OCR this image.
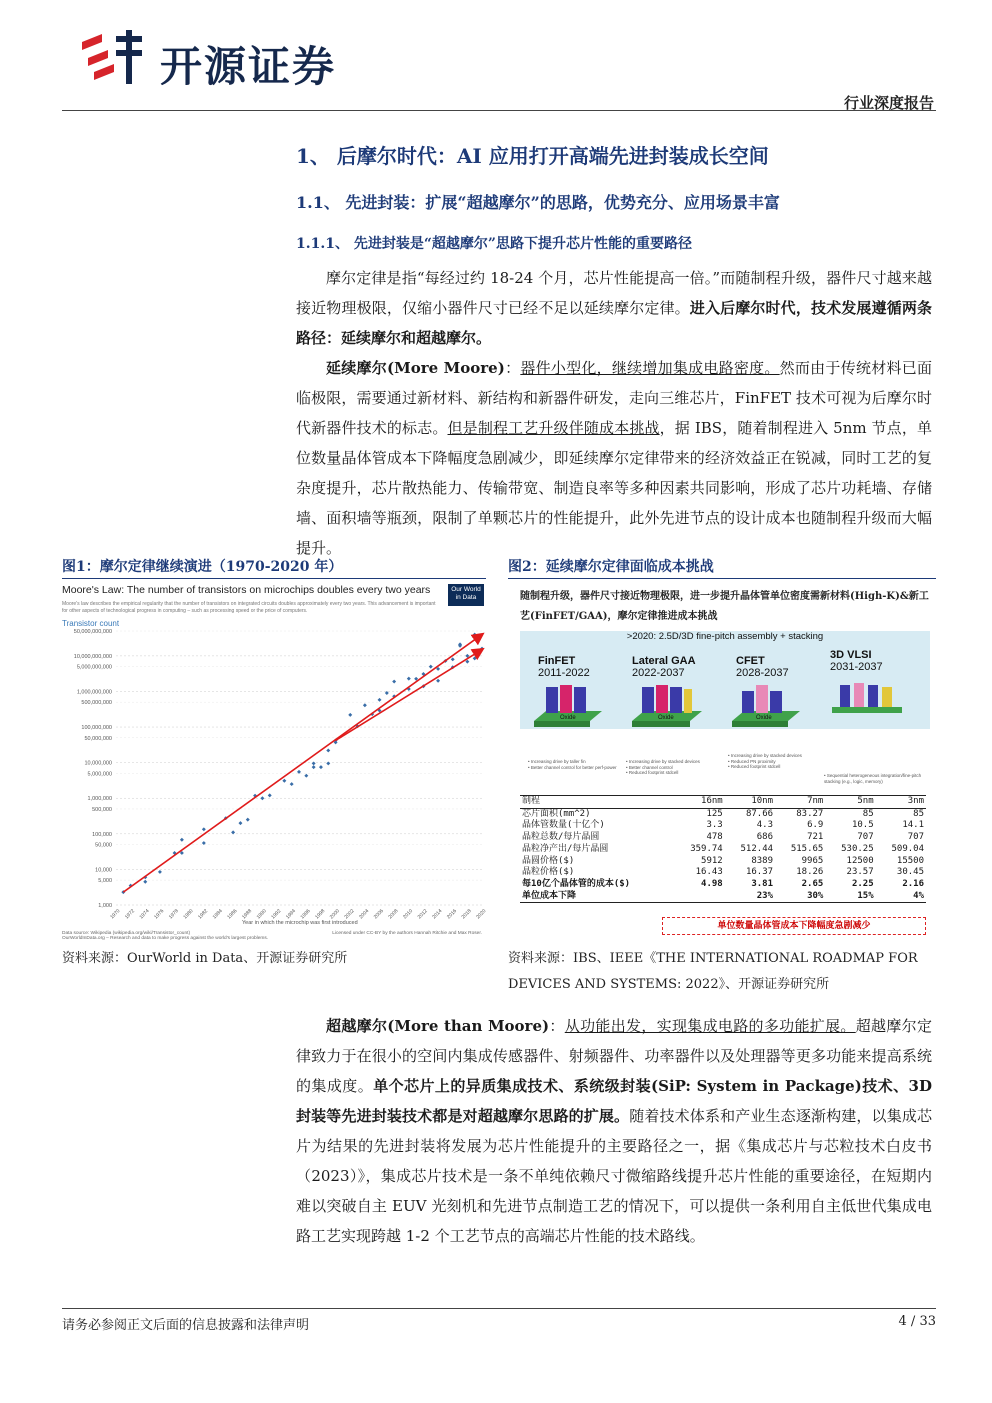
开源证券
行业深度报告
1、 后摩尔时代：AI 应用打开高端先进封装成长空间
1.1、 先进封装：扩展“超越摩尔”的思路，优势充分、应用场景丰富
1.1.1、 先进封装是“超越摩尔”思路下提升芯片性能的重要路径
摩尔定律是指“每经过约 18-24 个月，芯片性能提高一倍。”而随制程升级，器件尺寸越来越接近物理极限，仅缩小器件尺寸已经不足以延续摩尔定律。进入后摩尔时代，技术发展遵循两条路径：延续摩尔和超越摩尔。
延续摩尔(More Moore)：器件小型化，继续增加集成电路密度。然而由于传统材料已面临极限，需要通过新材料、新结构和新器件研发，走向三维芯片，FinFET 技术可视为后摩尔时代新器件技术的标志。但是制程工艺升级伴随成本挑战，据 IBS，随着制程进入 5nm 节点，单位数量晶体管成本下降幅度急剧减少，即延续摩尔定律带来的经济效益正在锐减，同时工艺的复杂度提升，芯片散热能力、传输带宽、制造良率等多种因素共同影响，形成了芯片功耗墙、存储墙、面积墙等瓶颈，限制了单颗芯片的性能提升，此外先进节点的设计成本也随制程升级而大幅提升。
图1：摩尔定律继续演进（1970-2020 年）	图2：延续摩尔定律面临成本挑战
Moore's Law: The number of transistors on microchips doubles every two years
Moore's law describes the empirical regularity that the number of transistors on integrated circuits doubles approximately every two years. This advancement is important for other aspects of technological progress in computing – such as processing speed or the price of computers.
Transistor count
Our World in Data
1,000
5,000
10,000
50,000
100,000
500,000
1,000,000
5,000,000
10,000,000
50,000,000
100,000,000
500,000,000
1,000,000,000
5,000,000,000
10,000,000,000
50,000,000,000
1970 1972 1974 1976 1978 1980 1982 1984 1986 1988 1990 1992 1994 1996 1998 2000 2002 2004 2006 2008 2010 2012 2014 2016 2018 2020
Year in which the microchip was first introduced
Data source: Wikipedia (wikipedia.org/wiki/Transistor_count)
OurWorldInData.org – Research and data to make progress against the world's largest problems.
Licensed under CC-BY by the authors Hannah Ritchie and Max Roser.
随制程升级，器件尺寸接近物理极限，进一步提升晶体管单位密度需新材料(High-K)&新工艺(FinFET/GAA)，摩尔定律推进成本挑战
>2020: 2.5D/3D fine-pitch assembly + stacking
FinFET
2011-2022
Lateral GAA
2022-2037
CFET
2028-2037
3D VLSI
2031-2037
Oxide	Oxide	Oxide
• Increasing drive by taller fin
• Better channel control for better perf-power
• Increasing drive by stacked devices
• Better channel control
• Reduced footprint stdcell
• Increasing drive by stacked devices
• Reduced PN proximity
• Reduced footprint stdcell
• Sequential heterogeneous integration/fine-pitch stacking (e.g., logic, memory)
制程	16nm	10nm	7nm	5nm	3nm
芯片面积(mm^2)	125	87.66	83.27	85	85
晶体管数量(十亿个)	3.3	4.3	6.9	10.5	14.1
晶粒总数/每片晶圆	478	686	721	707	707
晶粒净产出/每片晶圆	359.74	512.44	515.65	530.25	509.04
晶圆价格($)	5912	8389	9965	12500	15500
晶粒价格($)	16.43	16.37	18.26	23.57	30.45
每10亿个晶体管的成本($)	4.98	3.81	2.65	2.25	2.16
单位成本下降		23%	30%	15%	4%
单位数量晶体管成本下降幅度急剧减少
资料来源：OurWorld in Data、开源证券研究所	资料来源：IBS、IEEE《THE INTERNATIONAL ROADMAP FOR
DEVICES AND SYSTEMS: 2022》、开源证券研究所
超越摩尔(More than Moore)：从功能出发，实现集成电路的多功能扩展。超越摩尔定律致力于在很小的空间内集成传感器件、射频器件、功率器件以及处理器等更多功能来提高系统的集成度。单个芯片上的异质集成技术、系统级封装(SiP: System in Package)技术、3D 封装等先进封装技术都是对超越摩尔思路的扩展。随着技术体系和产业生态逐渐构建，以集成芯片为结果的先进封装将发展为芯片性能提升的主要路径之一，据《集成芯片与芯粒技术白皮书（2023）》，集成芯片技术是一条不单纯依赖尺寸微缩路线提升芯片性能的重要途径，在短期内难以突破自主 EUV 光刻机和先进节点制造工艺的情况下，可以提供一条利用自主低世代集成电路工艺实现跨越 1-2 个工艺节点的高端芯片性能的技术路线。
请务必参阅正文后面的信息披露和法律声明	4 / 33
